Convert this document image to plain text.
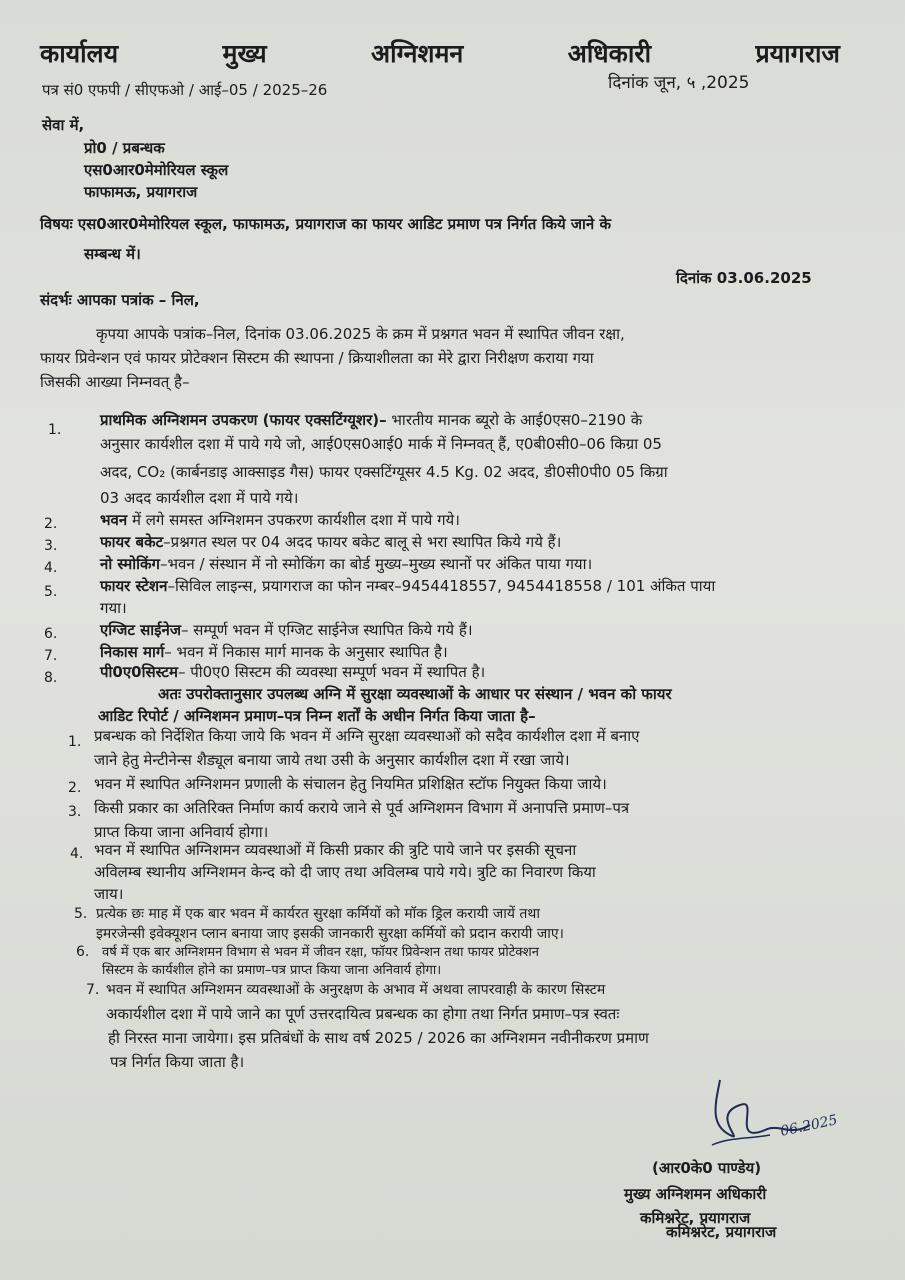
कार्यालय	मुख्य	अग्निशमन	अधिकारी	प्रयागराज
पत्र सं0 एफपी / सीएफओ / आई–05 / 2025–26	दिनांक जून, ५ ,2025
सेवा में,
प्रो0 / प्रबन्धक
एस0आर0मेमोरियल स्कूल
फाफामऊ, प्रयागराज
विषयः एस0आर0मेमोरियल स्कूल, फाफामऊ, प्रयागराज का फायर आडिट प्रमाण पत्र निर्गत किये जाने के
सम्बन्ध में।
दिनांक 03.06.2025
संदर्भः आपका पत्रांक – निल,
कृपया आपके पत्रांक–निल, दिनांक 03.06.2025 के क्रम में प्रश्नगत भवन में स्थापित जीवन रक्षा,
फायर प्रिवेन्शन एवं फायर प्रोटेक्शन सिस्टम की स्थापना / क्रियाशीलता का मेरे द्वारा निरीक्षण कराया गया
जिसकी आख्या निम्नवत् है–
1.
प्राथमिक अग्निशमन उपकरण (फायर एक्सटिंग्यूशर)– भारतीय मानक ब्यूरो के आई0एस0–2190 के
अनुसार कार्यशील दशा में पाये गये जो, आई0एस0आई0 मार्क में निम्नवत् हैं, ए0बी0सी0–06 किग्रा 05
अदद, CO₂ (कार्बनडाइ आक्साइड गैस) फायर एक्सटिंग्यूसर 4.5 Kg. 02 अदद, डी0सी0पी0 05 किग्रा
03 अदद कार्यशील दशा में पाये गये।
2.	भवन में लगे समस्त अग्निशमन उपकरण कार्यशील दशा में पाये गये।
3.	फायर बकेट–प्रश्नगत स्थल पर 04 अदद फायर बकेट बालू से भरा स्थापित किये गये हैं।
4.	नो स्मोकिंग–भवन / संस्थान में नो स्मोकिंग का बोर्ड मुख्य–मुख्य स्थानों पर अंकित पाया गया।
5.	फायर स्टेशन–सिविल लाइन्स, प्रयागराज का फोन नम्बर–9454418557, 9454418558 / 101 अंकित पाया
गया।
6.	एग्जिट साईनेज– सम्पूर्ण भवन में एग्जिट साईनेज स्थापित किये गये हैं।
7.	निकास मार्ग– भवन में निकास मार्ग मानक के अनुसार स्थापित है।
8.	पी0ए0सिस्टम– पी0ए0 सिस्टम की व्यवस्था सम्पूर्ण भवन में स्थापित है।
अतः उपरोक्तानुसार उपलब्ध अग्नि में सुरक्षा व्यवस्थाओं के आधार पर संस्थान / भवन को फायर
आडिट रिपोर्ट / अग्निशमन प्रमाण–पत्र निम्न शर्तों के अधीन निर्गत किया जाता है–
1. प्रबन्धक को निर्देशित किया जाये कि भवन में अग्नि सुरक्षा व्यवस्थाओं को सदैव कार्यशील दशा में बनाए
जाने हेतु मेन्टीनेन्स शैड्यूल बनाया जाये तथा उसी के अनुसार कार्यशील दशा में रखा जाये।
2. भवन में स्थापित अग्निशमन प्रणाली के संचालन हेतु नियमित प्रशिक्षित स्टॉफ नियुक्त किया जाये।
3. किसी प्रकार का अतिरिक्त निर्माण कार्य कराये जाने से पूर्व अग्निशमन विभाग में अनापत्ति प्रमाण–पत्र
प्राप्त किया जाना अनिवार्य होगा।
4. भवन में स्थापित अग्निशमन व्यवस्थाओं में किसी प्रकार की त्रुटि पाये जाने पर इसकी सूचना
अविलम्ब स्थानीय अग्निशमन केन्द को दी जाए तथा अविलम्ब पाये गये। त्रुटि का निवारण किया
जाय।
5. प्रत्येक छः माह में एक बार भवन में कार्यरत सुरक्षा कर्मियों को मॉक ड्रिल करायी जायें तथा
इमरजेन्सी इवेक्यूशन प्लान बनाया जाए इसकी जानकारी सुरक्षा कर्मियों को प्रदान करायी जाए।
6. वर्ष में एक बार अग्निशमन विभाग से भवन में जीवन रक्षा, फॉयर प्रिवेन्शन तथा फायर प्रोटेक्शन
सिस्टम के कार्यशील होने का प्रमाण–पत्र प्राप्त किया जाना अनिवार्य होगा।
7. भवन में स्थापित अग्निशमन व्यवस्थाओं के अनुरक्षण के अभाव में अथवा लापरवाही के कारण सिस्टम
अकार्यशील दशा में पाये जाने का पूर्ण उत्तरदायित्व प्रबन्धक का होगा तथा निर्गत प्रमाण–पत्र स्वतः
ही निरस्त माना जायेगा। इस प्रतिबंधों के साथ वर्ष 2025 / 2026 का अग्निशमन नवीनीकरण प्रमाण
पत्र निर्गत किया जाता है।
06.2025
(आर0के0 पाण्डेय)
मुख्य अग्निशमन अधिकारी
कमिश्नरेट, प्रयागराज
कमिश्नरेट, प्रयागराज
